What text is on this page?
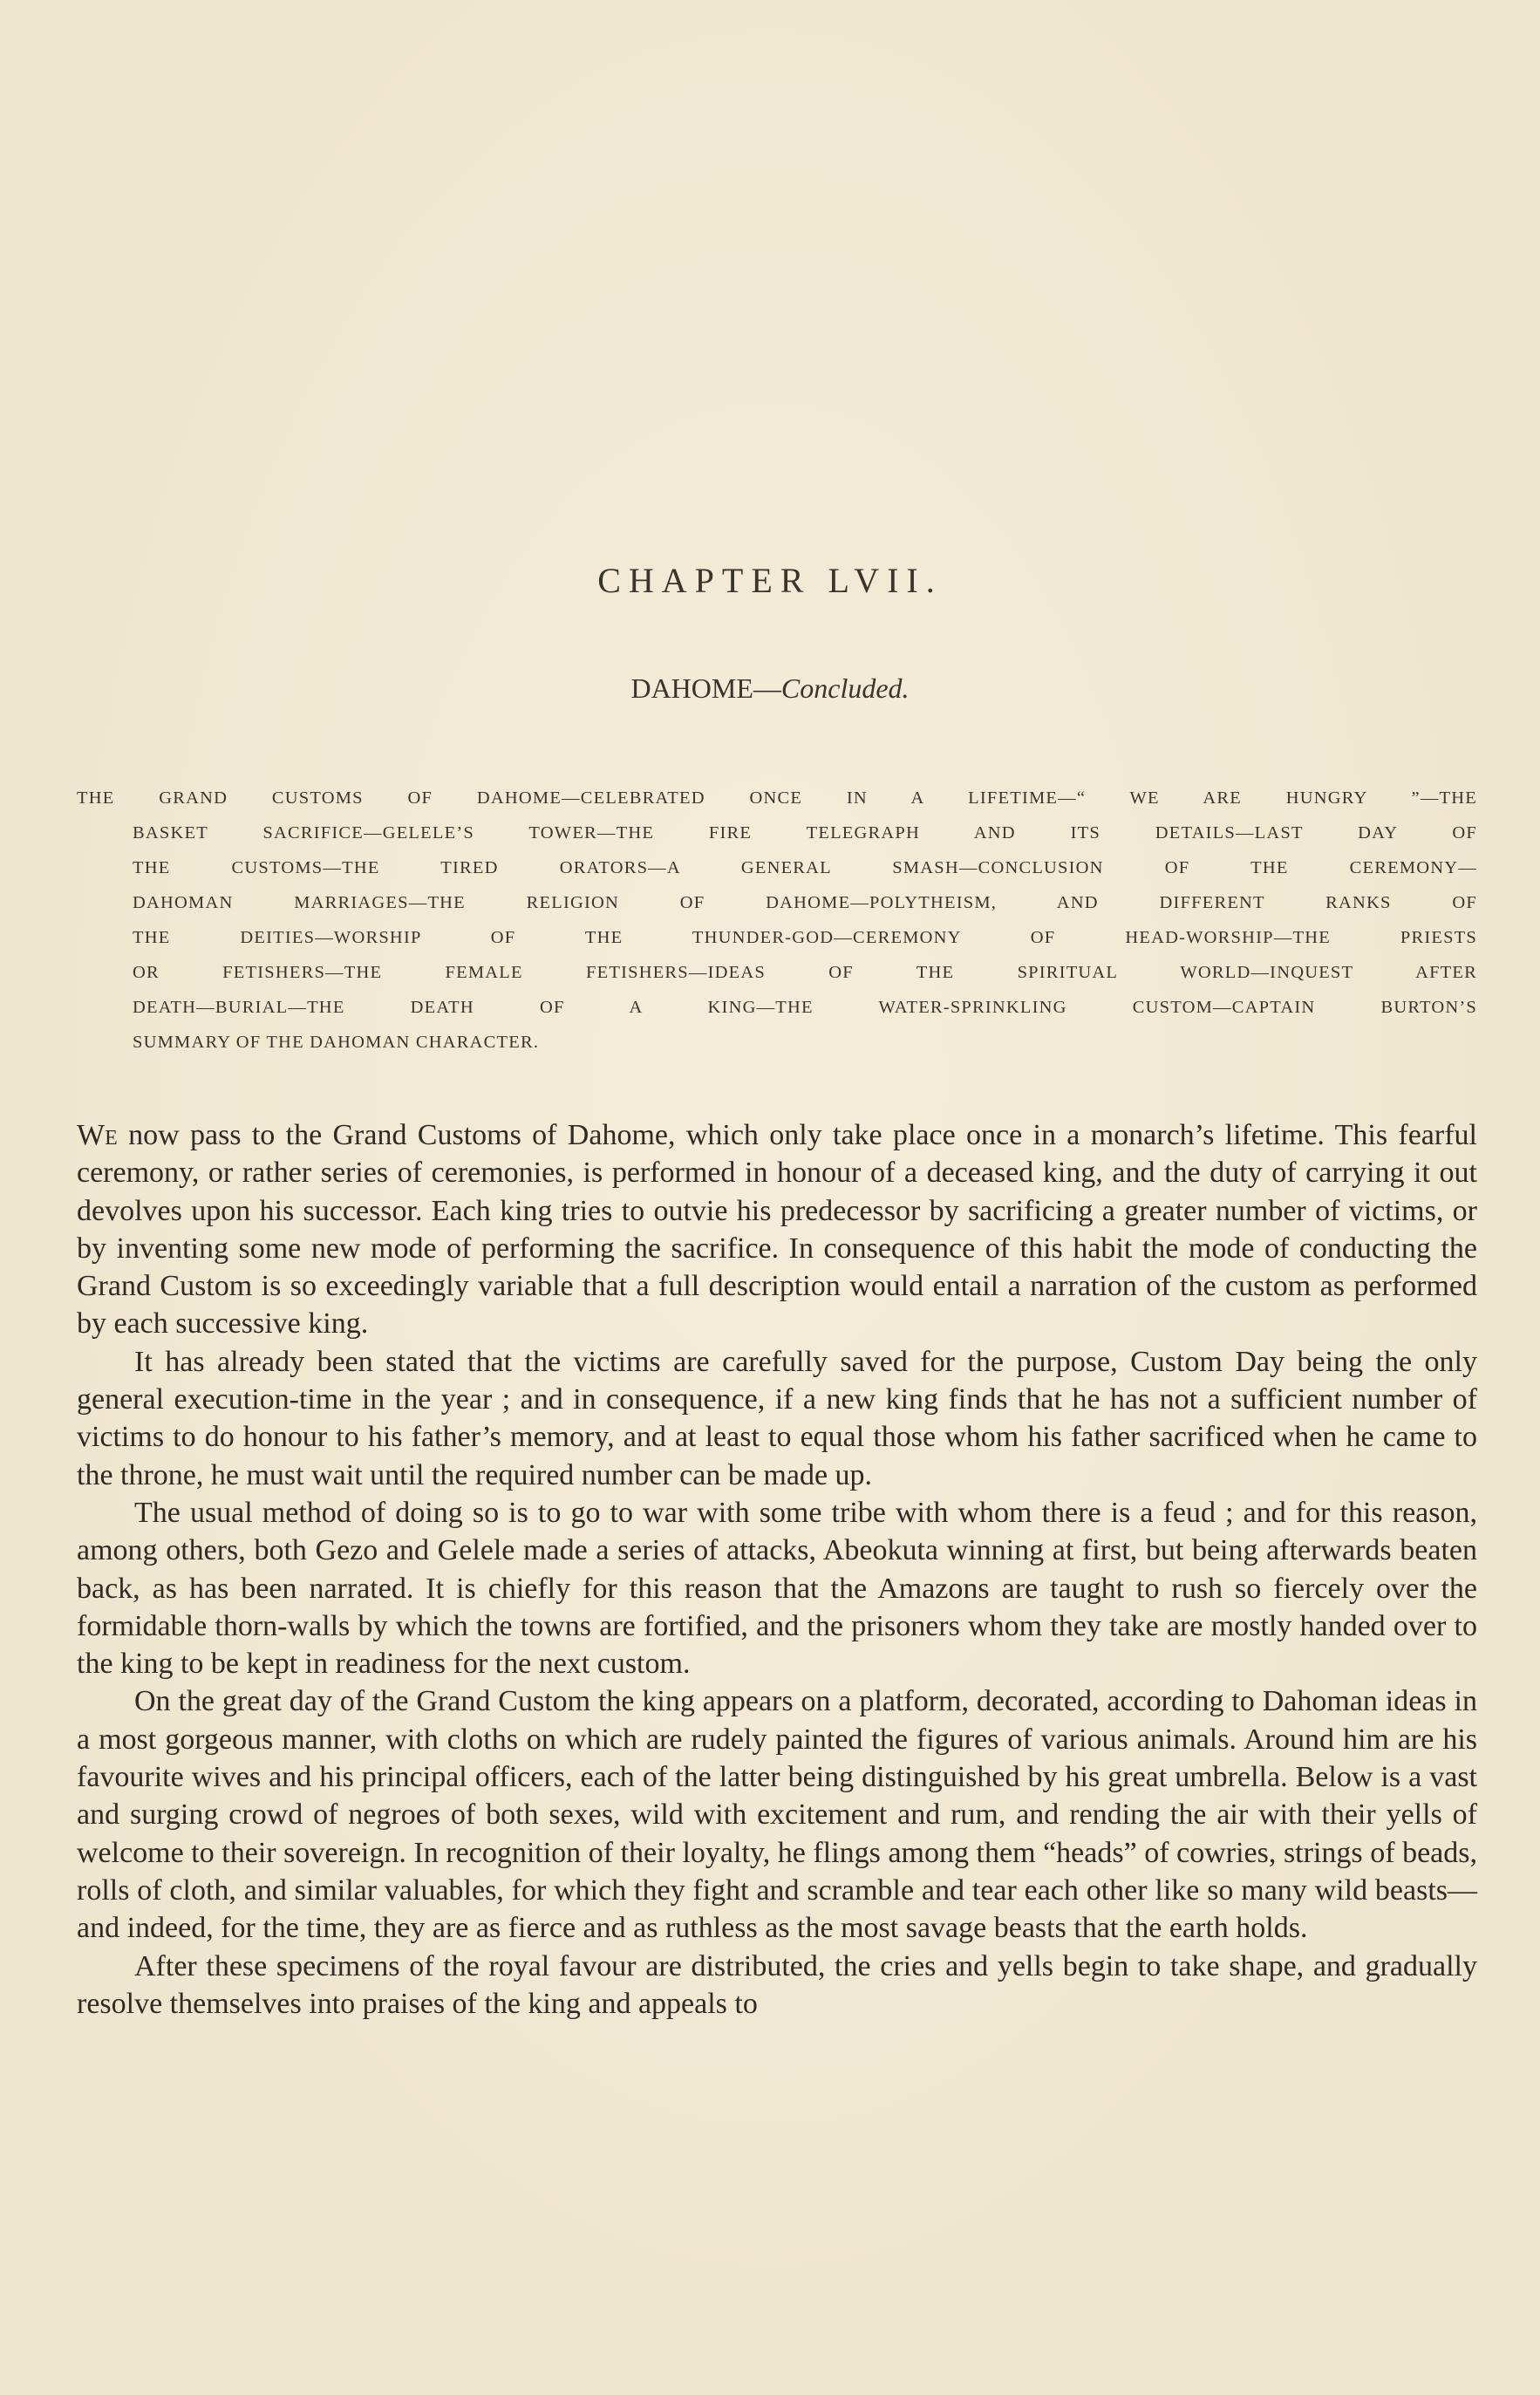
CHAPTER LVII.
DAHOME—Concluded.
THE GRAND CUSTOMS OF DAHOME—CELEBRATED ONCE IN A LIFETIME—“ WE ARE HUNGRY ”—THE
BASKET SACRIFICE—GELELE’S TOWER—THE FIRE TELEGRAPH AND ITS DETAILS—LAST DAY OF
THE CUSTOMS—THE TIRED ORATORS—A GENERAL SMASH—CONCLUSION OF THE CEREMONY—
DAHOMAN MARRIAGES—THE RELIGION OF DAHOME—POLYTHEISM, AND DIFFERENT RANKS OF
THE DEITIES—WORSHIP OF THE THUNDER-GOD—CEREMONY OF HEAD-WORSHIP—THE PRIESTS
OR FETISHERS—THE FEMALE FETISHERS—IDEAS OF THE SPIRITUAL WORLD—INQUEST AFTER
DEATH—BURIAL—THE DEATH OF A KING—THE WATER-SPRINKLING CUSTOM—CAPTAIN BURTON’S
SUMMARY OF THE DAHOMAN CHARACTER.

We now pass to the Grand Customs of Dahome, which only take place once in a monarch’s lifetime. This fearful ceremony, or rather series of ceremonies, is performed in honour of a deceased king, and the duty of carrying it out devolves upon his successor. Each king tries to outvie his predecessor by sacrificing a greater number of victims, or by inventing some new mode of performing the sacrifice. In consequence of this habit the mode of conducting the Grand Custom is so exceedingly variable that a full description would entail a narration of the custom as performed by each successive king.

It has already been stated that the victims are carefully saved for the purpose, Custom Day being the only general execution-time in the year ; and in consequence, if a new king finds that he has not a sufficient number of victims to do honour to his father’s memory, and at least to equal those whom his father sacrificed when he came to the throne, he must wait until the required number can be made up.

The usual method of doing so is to go to war with some tribe with whom there is a feud ; and for this reason, among others, both Gezo and Gelele made a series of attacks, Abeokuta winning at first, but being afterwards beaten back, as has been narrated. It is chiefly for this reason that the Amazons are taught to rush so fiercely over the formidable thorn-walls by which the towns are fortified, and the prisoners whom they take are mostly handed over to the king to be kept in readiness for the next custom.

On the great day of the Grand Custom the king appears on a platform, decorated, according to Dahoman ideas in a most gorgeous manner, with cloths on which are rudely painted the figures of various animals. Around him are his favourite wives and his principal officers, each of the latter being distinguished by his great umbrella. Below is a vast and surging crowd of negroes of both sexes, wild with excitement and rum, and rending the air with their yells of welcome to their sovereign. In recognition of their loyalty, he flings among them “heads” of cowries, strings of beads, rolls of cloth, and similar valuables, for which they fight and scramble and tear each other like so many wild beasts—and indeed, for the time, they are as fierce and as ruthless as the most savage beasts that the earth holds.

After these specimens of the royal favour are distributed, the cries and yells begin to take shape, and gradually resolve themselves into praises of the king and appeals to
